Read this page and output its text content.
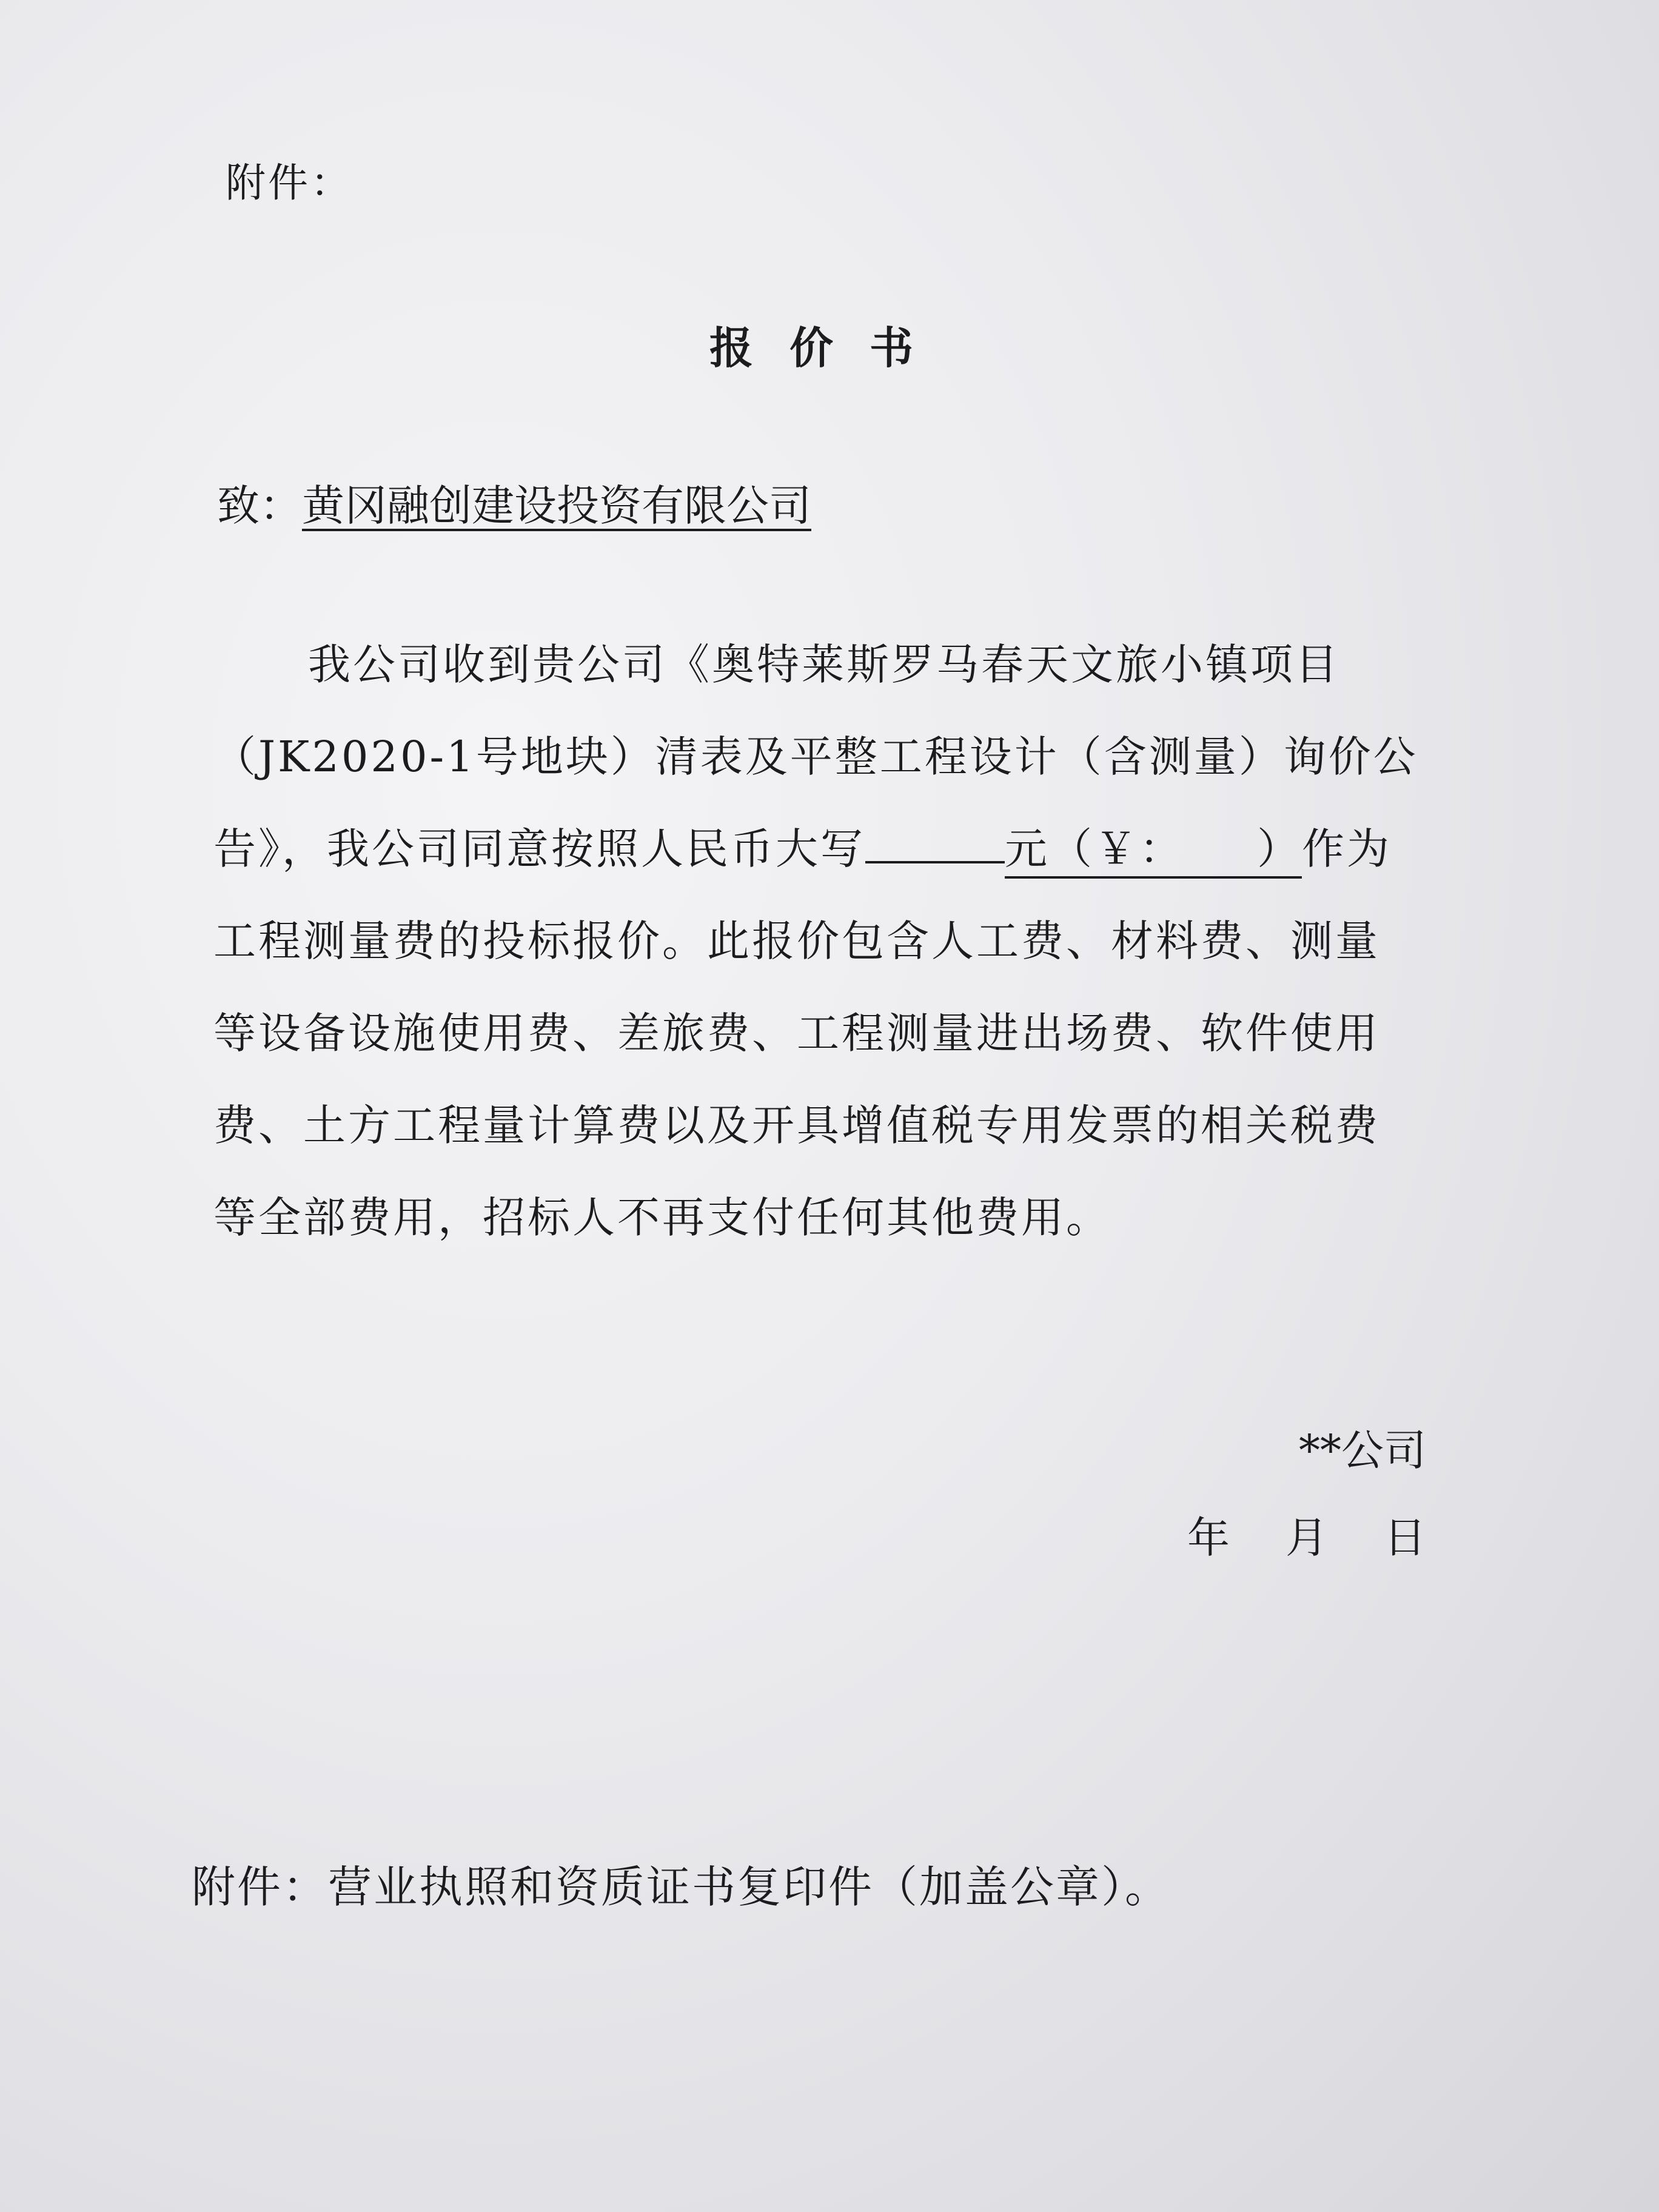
附件：
报价书
致：黄冈融创建设投资有限公司
我公司收到贵公司《奥特莱斯罗马春天文旅小镇项目
（JK2020-1号地块）清表及平整工程设计（含测量）询价公
告》，我公司同意按照人民币大写	元（￥： ）作为
工程测量费的投标报价。此报价包含人工费、材料费、测量
等设备设施使用费、差旅费、工程测量进出场费、软件使用
费、土方工程量计算费以及开具增值税专用发票的相关税费
等全部费用，招标人不再支付任何其他费用。
**公司
年 月 日
附件：营业执照和资质证书复印件（加盖公章）。
